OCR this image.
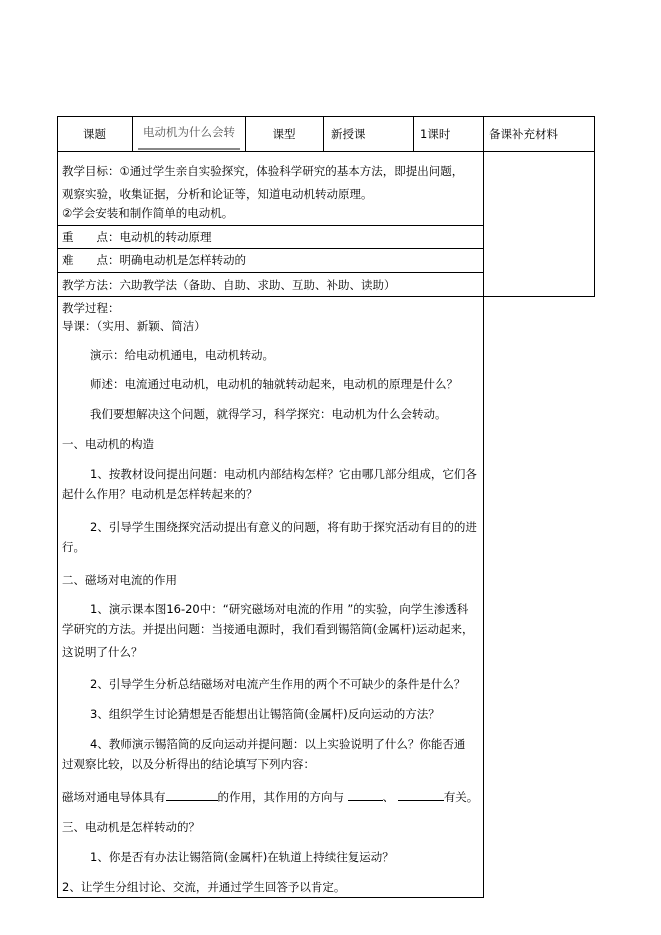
课题	电动机为什么会转	课型	新授课	1课时	备课补充材料
教学目标：①通过学生亲自实验探究，体验科学研究的基本方法，即提出问题，
观察实验，收集证据，分析和论证等，知道电动机转动原理。
②学会安装和制作简单的电动机。
重　　点：电动机的转动原理
难　　点：明确电动机是怎样转动的
教学方法：六助教学法（备助、自助、求助、互助、补助、读助）
教学过程：
导课：（实用、新颖、简洁）
演示：给电动机通电，电动机转动。
师述：电流通过电动机，电动机的轴就转动起来，电动机的原理是什么？
我们要想解决这个问题，就得学习，科学探究：电动机为什么会转动。
一、电动机的构造
1、按教材设问提出问题：电动机内部结构怎样？它由哪几部分组成，它们各
起什么作用？电动机是怎样转起来的？
2、引导学生围绕探究活动提出有意义的问题，将有助于探究活动有目的的进
行。
二、磁场对电流的作用
1、演示课本图16-20中：“研究磁场对电流的作用 ”的实验，向学生渗透科
学研究的方法。并提出问题：当接通电源时，我们看到锡箔筒(金属杆)运动起来，
这说明了什么？
2、引导学生分析总结磁场对电流产生作用的两个不可缺少的条件是什么？
3、组织学生讨论猜想是否能想出让锡箔筒(金属杆)反向运动的方法？
4、教师演示锡箔筒的反向运动并提问题：以上实验说明了什么？你能否通
过观察比较，以及分析得出的结论填写下列内容：
磁场对通电导体具有	的作用，其作用的方向与	、	有关。
三、电动机是怎样转动的？
1、你是否有办法让锡箔筒(金属杆)在轨道上持续往复运动？
2、让学生分组讨论、交流，并通过学生回答予以肯定。
